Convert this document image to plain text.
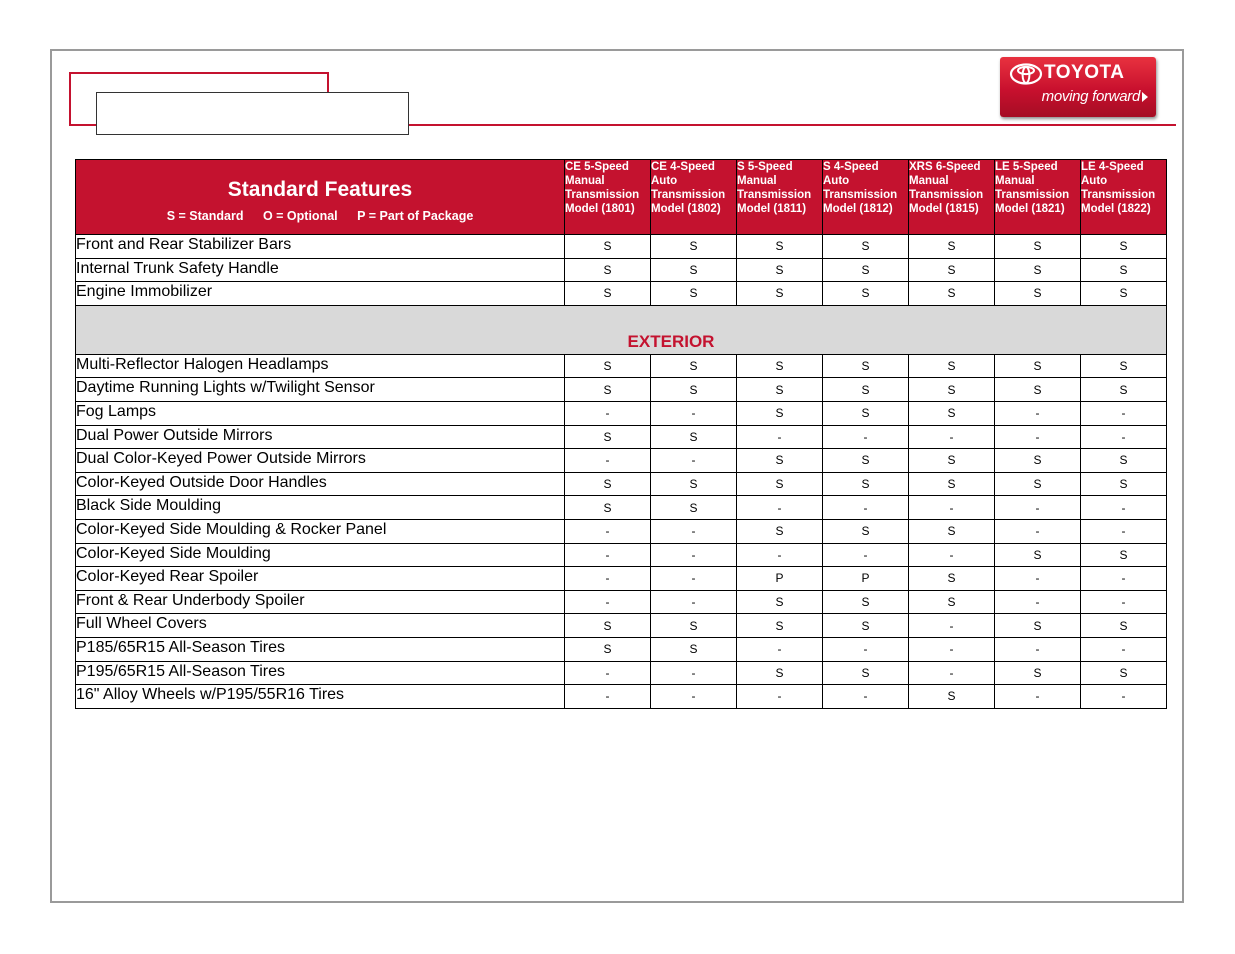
TOYOTA
moving forward
Standard Features
S = Standard O = Optional P = Part of Package	CE 5-Speed
Manual
Transmission
Model (1801)	CE 4-Speed
Auto
Transmission
Model (1802)	S 5-Speed
Manual
Transmission
Model (1811)	S 4-Speed
Auto
Transmission
Model (1812)	XRS 6-Speed
Manual
Transmission
Model (1815)	LE 5-Speed
Manual
Transmission
Model (1821)	LE 4-Speed
Auto
Transmission
Model (1822)

Front and Rear Stabilizer Bars	S	S	S	S	S	S	S
Internal Trunk Safety Handle	S	S	S	S	S	S	S
Engine Immobilizer	S	S	S	S	S	S	S

EXTERIOR							

Multi-Reflector Halogen Headlamps	S	S	S	S	S	S	S
Daytime Running Lights w/Twilight Sensor	S	S	S	S	S	S	S
Fog Lamps	-	-	S	S	S	-	-
Dual Power Outside Mirrors	S	S	-	-	-	-	-
Dual Color-Keyed Power Outside Mirrors	-	-	S	S	S	S	S
Color-Keyed Outside Door Handles	S	S	S	S	S	S	S
Black Side Moulding	S	S	-	-	-	-	-
Color-Keyed Side Moulding & Rocker Panel	-	-	S	S	S	-	-
Color-Keyed Side Moulding	-	-	-	-	-	S	S
Color-Keyed Rear Spoiler	-	-	P	P	S	-	-
Front & Rear Underbody Spoiler	-	-	S	S	S	-	-
Full Wheel Covers	S	S	S	S	-	S	S
P185/65R15 All-Season Tires	S	S	-	-	-	-	-
P195/65R15 All-Season Tires	-	-	S	S	-	S	S
16" Alloy Wheels w/P195/55R16 Tires	-	-	-	-	S	-	-
